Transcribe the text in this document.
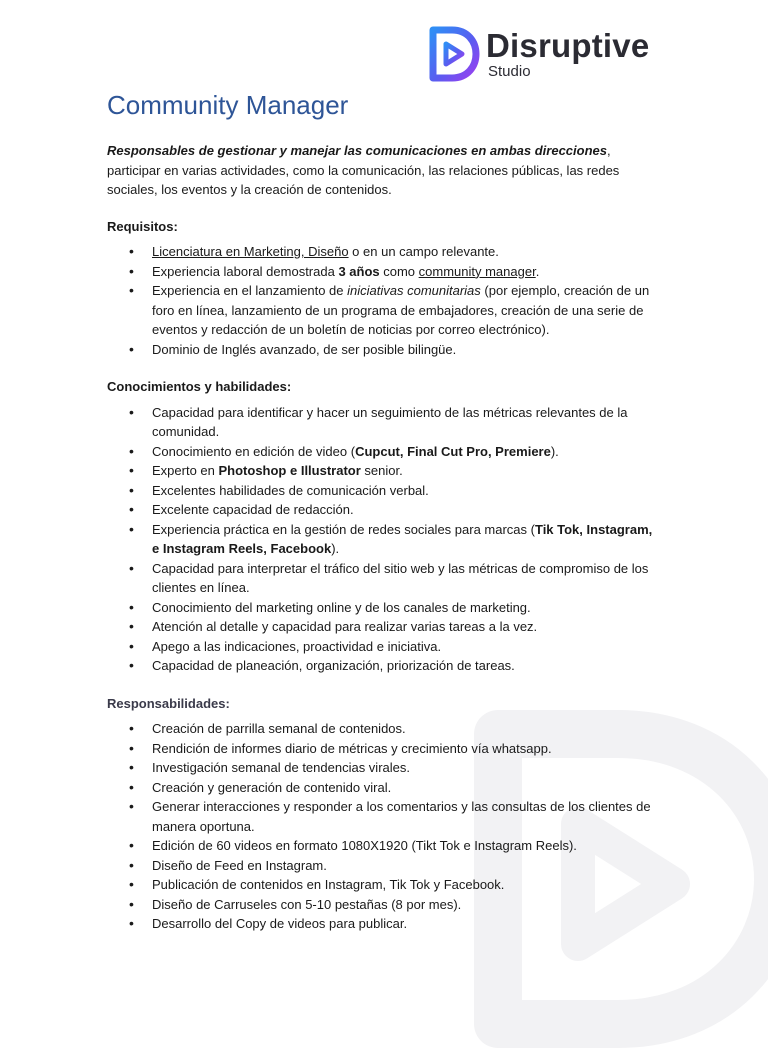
Disruptive
Studio
Community Manager

Responsables de gestionar y manejar las comunicaciones en ambas direcciones, participar en varias actividades, como la comunicación, las relaciones públicas, las redes sociales, los eventos y la creación de contenidos.

Requisitos:

• Licenciatura en Marketing, Diseño o en un campo relevante.
• Experiencia laboral demostrada 3 años como community manager.
• Experiencia en el lanzamiento de iniciativas comunitarias (por ejemplo, creación de un foro en línea, lanzamiento de un programa de embajadores, creación de una serie de eventos y redacción de un boletín de noticias por correo electrónico).
• Dominio de Inglés avanzado, de ser posible bilingüe.

Conocimientos y habilidades:

• Capacidad para identificar y hacer un seguimiento de las métricas relevantes de la comunidad.
• Conocimiento en edición de video (Cupcut, Final Cut Pro, Premiere).
• Experto en Photoshop e Illustrator senior.
• Excelentes habilidades de comunicación verbal.
• Excelente capacidad de redacción.
• Experiencia práctica en la gestión de redes sociales para marcas (Tik Tok, Instagram, e Instagram Reels, Facebook).
• Capacidad para interpretar el tráfico del sitio web y las métricas de compromiso de los clientes en línea.
• Conocimiento del marketing online y de los canales de marketing.
• Atención al detalle y capacidad para realizar varias tareas a la vez.
• Apego a las indicaciones, proactividad e iniciativa.
• Capacidad de planeación, organización, priorización de tareas.

Responsabilidades:

• Creación de parrilla semanal de contenidos.
• Rendición de informes diario de métricas y crecimiento vía whatsapp.
• Investigación semanal de tendencias virales.
• Creación y generación de contenido viral.
• Generar interacciones y responder a los comentarios y las consultas de los clientes de manera oportuna.
• Edición de 60 videos en formato 1080X1920 (Tikt Tok e Instagram Reels).
• Diseño de Feed en Instagram.
• Publicación de contenidos en Instagram, Tik Tok y Facebook.
• Diseño de Carruseles con 5-10 pestañas (8 por mes).
• Desarrollo del Copy de videos para publicar.
